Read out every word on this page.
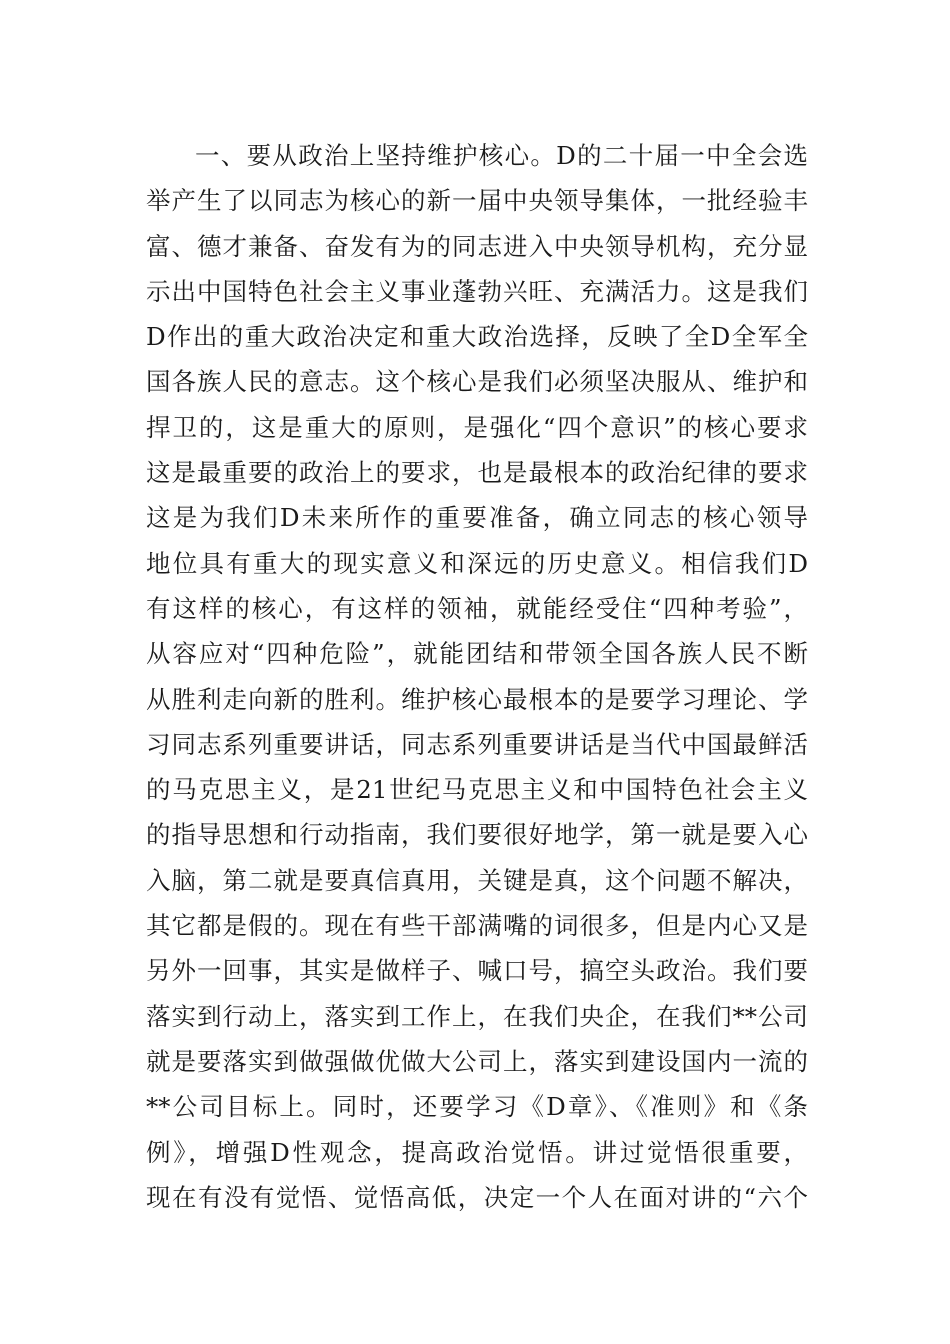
一、要从政治上坚持维护核心。D的二十届一中全会选
举产生了以同志为核心的新一届中央领导集体，一批经验丰
富、德才兼备、奋发有为的同志进入中央领导机构，充分显
示出中国特色社会主义事业蓬勃兴旺、充满活力。这是我们
D作出的重大政治决定和重大政治选择，反映了全D全军全
国各族人民的意志。这个核心是我们必须坚决服从、维护和
捍卫的，这是重大的原则，是强化“四个意识”的核心要求
这是最重要的政治上的要求，也是最根本的政治纪律的要求
这是为我们D未来所作的重要准备，确立同志的核心领导
地位具有重大的现实意义和深远的历史意义。相信我们D
有这样的核心，有这样的领袖，就能经受住“四种考验”，
从容应对“四种危险”，就能团结和带领全国各族人民不断
从胜利走向新的胜利。维护核心最根本的是要学习理论、学
习同志系列重要讲话，同志系列重要讲话是当代中国最鲜活
的马克思主义，是21世纪马克思主义和中国特色社会主义
的指导思想和行动指南，我们要很好地学，第一就是要入心
入脑，第二就是要真信真用，关键是真，这个问题不解决，
其它都是假的。现在有些干部满嘴的词很多，但是内心又是
另外一回事，其实是做样子、喊口号，搞空头政治。我们要
落实到行动上，落实到工作上，在我们央企，在我们**公司
就是要落实到做强做优做大公司上，落实到建设国内一流的
**公司目标上。同时，还要学习《D章》、《准则》和《条
例》，增强D性观念，提高政治觉悟。讲过觉悟很重要，
现在有没有觉悟、觉悟高低，决定一个人在面对讲的“六个
